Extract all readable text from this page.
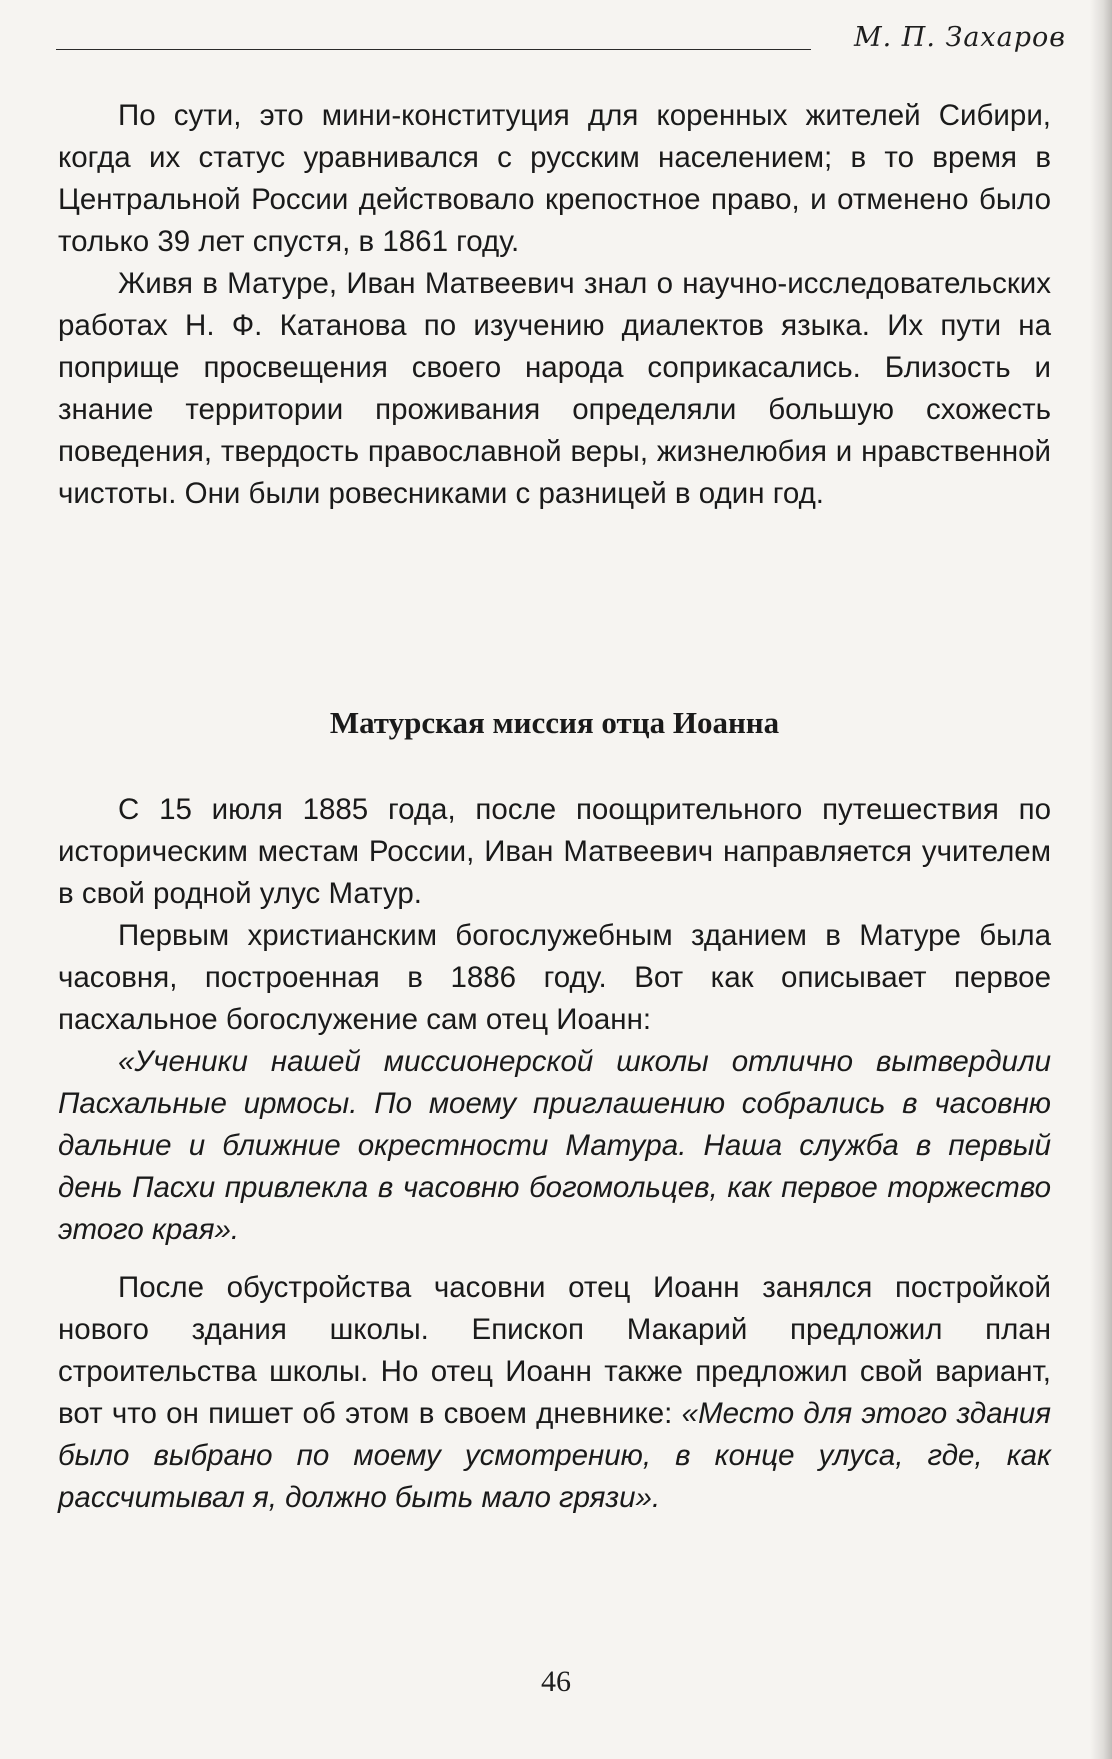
М. П. Захаров

По сути, это мини-конституция для коренных жителей Сибири, когда их статус уравнивался с русским населением; в то время в Центральной России действовало крепостное право, и отменено было только 39 лет спустя, в 1861 году.

Живя в Матуре, Иван Матвеевич знал о научно-исследовательских работах Н. Ф. Катанова по изучению диалектов языка. Их пути на поприще просвещения своего народа соприкасались. Близость и знание территории проживания определяли большую схожесть поведения, твердость православной веры, жизнелюбия и нравственной чистоты. Они были ровесниками с разницей в один год.

Матурская миссия отца Иоанна

С 15 июля 1885 года, после поощрительного путешествия по историческим местам России, Иван Матвеевич направляется учителем в свой родной улус Матур.

Первым христианским богослужебным зданием в Матуре была часовня, построенная в 1886 году. Вот как описывает первое пасхальное богослужение сам отец Иоанн:

«Ученики нашей миссионерской школы отлично вытвердили Пасхальные ирмосы. По моему приглашению собрались в часовню дальние и ближние окрестности Матура. Наша служба в первый день Пасхи привлекла в часовню богомольцев, как первое торжество этого края».

После обустройства часовни отец Иоанн занялся постройкой нового здания школы. Епископ Макарий предложил план строительства школы. Но отец Иоанн также предложил свой вариант, вот что он пишет об этом в своем дневнике: «Место для этого здания было выбрано по моему усмотрению, в конце улуса, где, как рассчитывал я, должно быть мало грязи».

46
